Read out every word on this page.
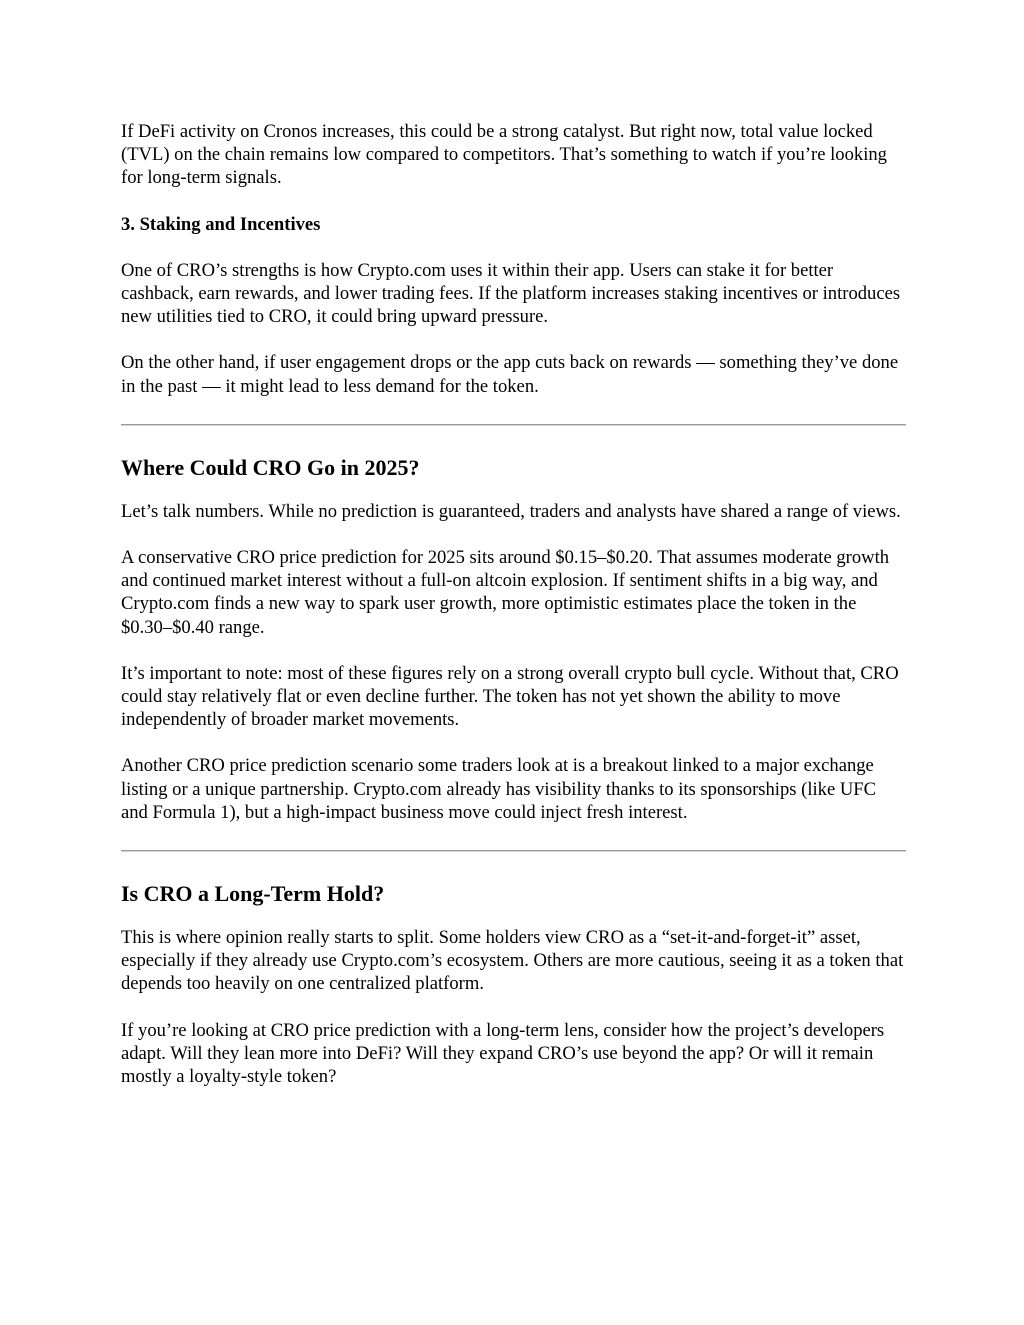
If DeFi activity on Cronos increases, this could be a strong catalyst. But right now, total value locked (TVL) on the chain remains low compared to competitors. That’s something to watch if you’re looking for long-term signals.

3. Staking and Incentives

One of CRO’s strengths is how Crypto.com uses it within their app. Users can stake it for better cashback, earn rewards, and lower trading fees. If the platform increases staking incentives or introduces new utilities tied to CRO, it could bring upward pressure.

On the other hand, if user engagement drops or the app cuts back on rewards — something they’ve done in the past — it might lead to less demand for the token.

Where Could CRO Go in 2025?

Let’s talk numbers. While no prediction is guaranteed, traders and analysts have shared a range of views.

A conservative CRO price prediction for 2025 sits around $0.15–$0.20. That assumes moderate growth and continued market interest without a full-on altcoin explosion. If sentiment shifts in a big way, and Crypto.com finds a new way to spark user growth, more optimistic estimates place the token in the $0.30–$0.40 range.

It’s important to note: most of these figures rely on a strong overall crypto bull cycle. Without that, CRO could stay relatively flat or even decline further. The token has not yet shown the ability to move independently of broader market movements.

Another CRO price prediction scenario some traders look at is a breakout linked to a major exchange listing or a unique partnership. Crypto.com already has visibility thanks to its sponsorships (like UFC and Formula 1), but a high-impact business move could inject fresh interest.

Is CRO a Long-Term Hold?

This is where opinion really starts to split. Some holders view CRO as a “set-it-and-forget-it” asset, especially if they already use Crypto.com’s ecosystem. Others are more cautious, seeing it as a token that depends too heavily on one centralized platform.

If you’re looking at CRO price prediction with a long-term lens, consider how the project’s developers adapt. Will they lean more into DeFi? Will they expand CRO’s use beyond the app? Or will it remain mostly a loyalty-style token?
